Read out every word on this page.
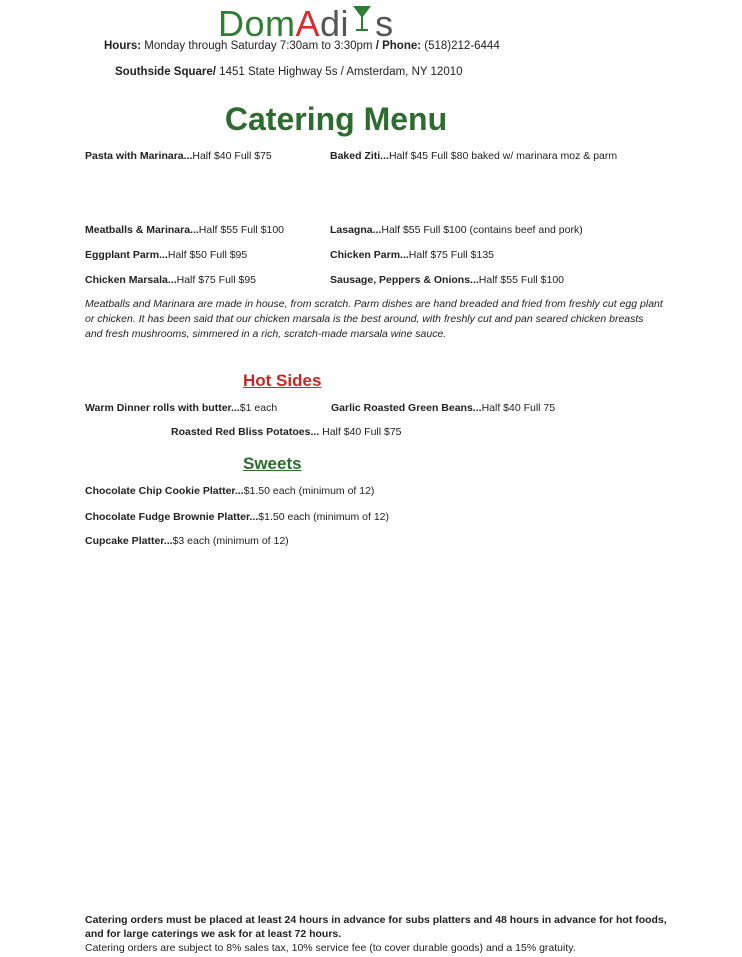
DomAdi s
Hours: Monday through Saturday 7:30am to 3:30pm / Phone: (518)212-6444
Southside Square/ 1451 State Highway 5s / Amsterdam, NY 12010
Catering Menu
Pasta with Marinara...Half $40 Full $75	Baked Ziti...Half $45 Full $80 baked w/ marinara moz & parm
Meatballs & Marinara...Half $55 Full $100	Lasagna...Half $55 Full $100 (contains beef and pork)
Eggplant Parm...Half $50 Full $95	Chicken Parm...Half $75 Full $135
Chicken Marsala...Half $75 Full $95	Sausage, Peppers & Onions...Half $55 Full $100
Meatballs and Marinara are made in house, from scratch. Parm dishes are hand breaded and fried from freshly cut egg plant or chicken. It has been said that our chicken marsala is the best around, with freshly cut and pan seared chicken breasts and fresh mushrooms, simmered in a rich, scratch-made marsala wine sauce.
Hot Sides
Warm Dinner rolls with butter...$1 each	Garlic Roasted Green Beans...Half $40 Full 75
Roasted Red Bliss Potatoes... Half $40 Full $75
Sweets
Chocolate Chip Cookie Platter...$1.50 each (minimum of 12)
Chocolate Fudge Brownie Platter...$1.50 each (minimum of 12)
Cupcake Platter...$3 each (minimum of 12)
Catering orders must be placed at least 24 hours in advance for subs platters and 48 hours in advance for hot foods, and for large caterings we ask for at least 72 hours.
Catering orders are subject to 8% sales tax, 10% service fee (to cover durable goods) and a 15% gratuity.
